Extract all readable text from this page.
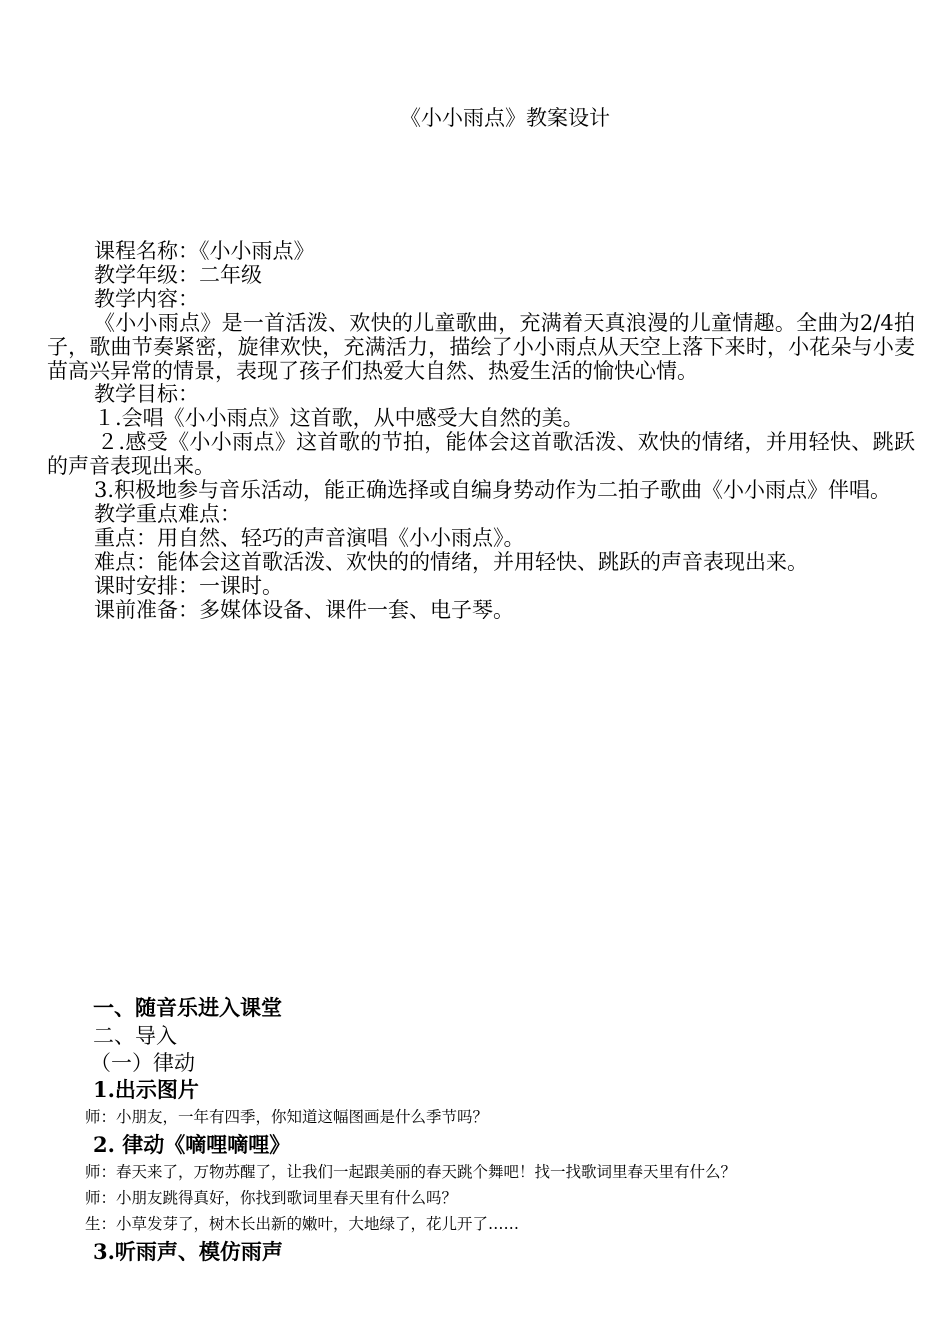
《小小雨点》教案设计

课程名称：《小小雨点》

教学年级：二年级

教学内容：

《小小雨点》是一首活泼、欢快的儿童歌曲，充满着天真浪漫的儿童情趣。全曲为2/4拍子，歌曲节奏紧密，旋律欢快，充满活力，描绘了小小雨点从天空上落下来时，小花朵与小麦苗高兴异常的情景，表现了孩子们热爱大自然、热爱生活的愉快心情。

教学目标：

１.会唱《小小雨点》这首歌，从中感受大自然的美。

２.感受《小小雨点》这首歌的节拍，能体会这首歌活泼、欢快的情绪，并用轻快、跳跃的声音表现出来。

3.积极地参与音乐活动，能正确选择或自编身势动作为二拍子歌曲《小小雨点》伴唱。

教学重点难点：

重点：用自然、轻巧的声音演唱《小小雨点》。

难点：能体会这首歌活泼、欢快的的情绪，并用轻快、跳跃的声音表现出来。

课时安排：一课时。

课前准备：多媒体设备、课件一套、电子琴。

一、随音乐进入课堂
二、导入
（一）律动
1.出示图片
师：小朋友，一年有四季，你知道这幅图画是什么季节吗？
2. 律动《嘀哩嘀哩》
师：春天来了，万物苏醒了，让我们一起跟美丽的春天跳个舞吧！找一找歌词里春天里有什么？
师：小朋友跳得真好，你找到歌词里春天里有什么吗？
生：小草发芽了，树木长出新的嫩叶，大地绿了，花儿开了……
3.听雨声、模仿雨声
